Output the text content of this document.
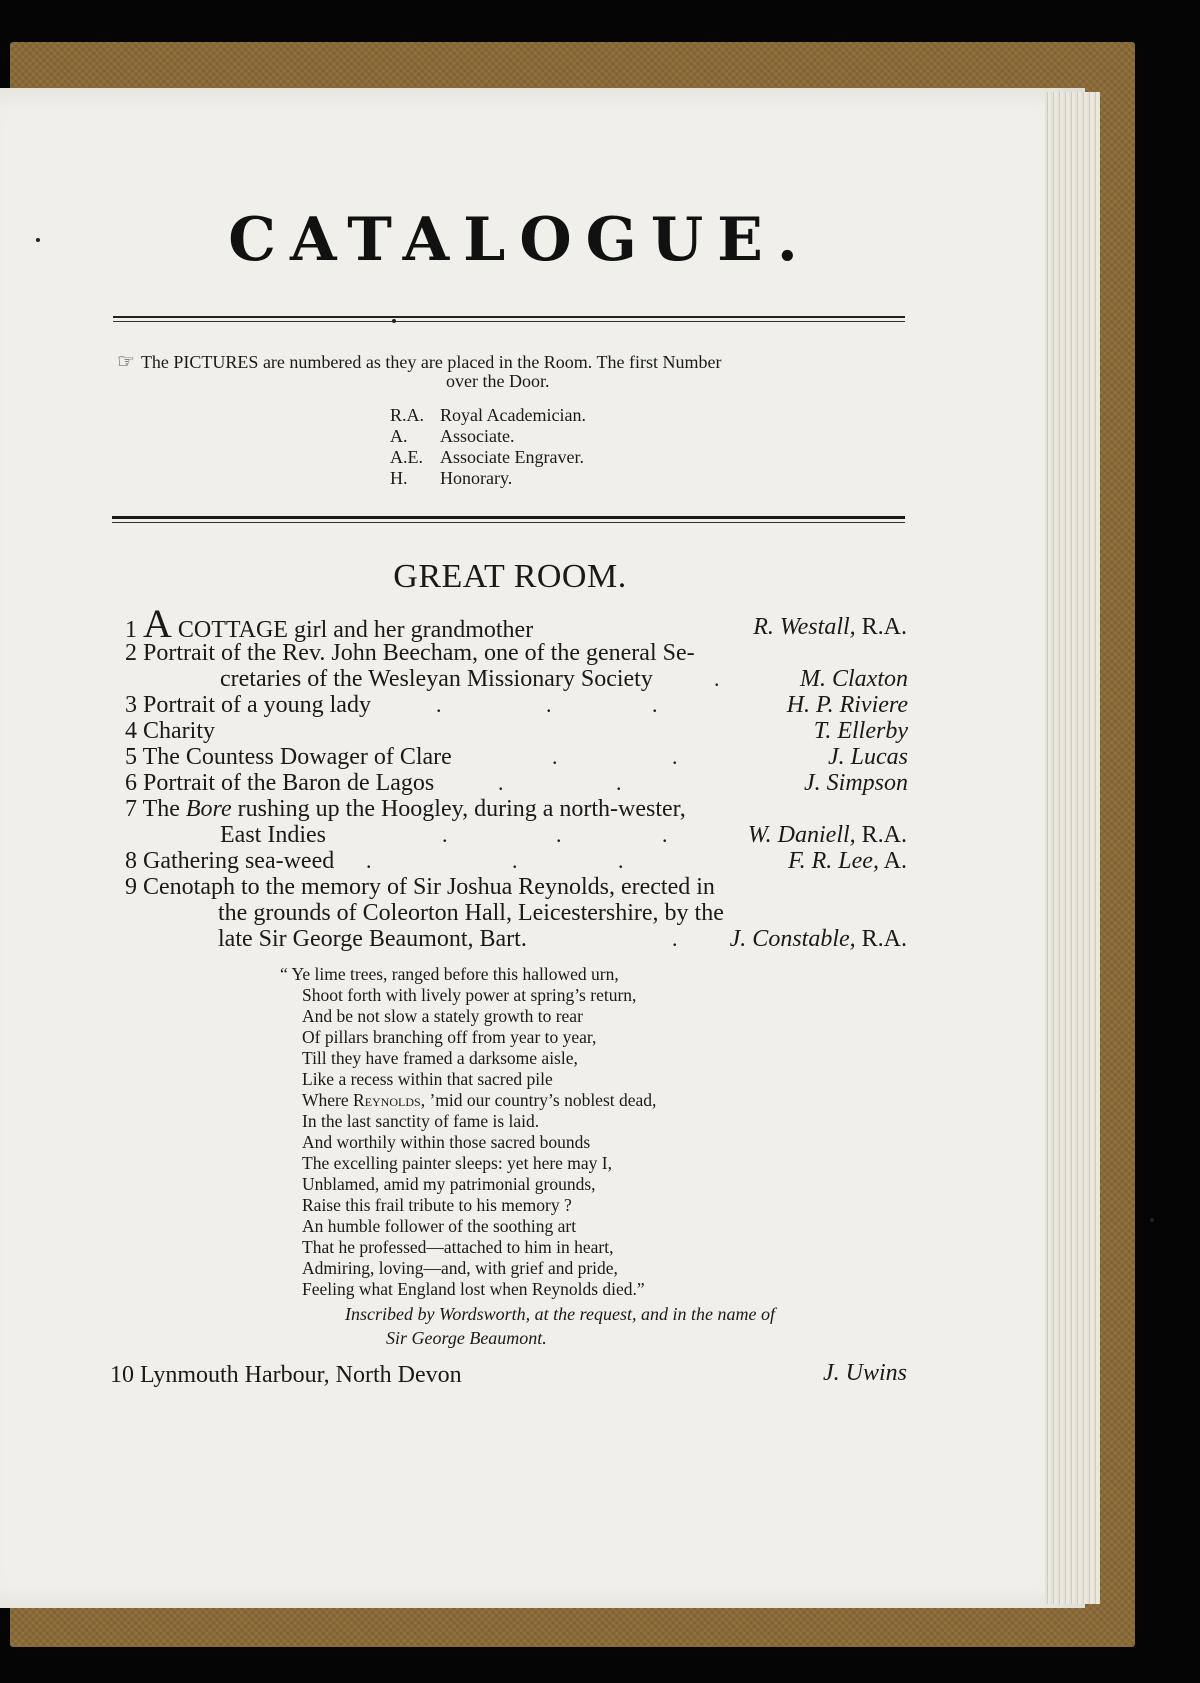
CATALOGUE.
☞ The PICTURES are numbered as they are placed in the Room. The first Number
over the Door.
R.A. Royal Academician.
A. Associate.
A.E. Associate Engraver.
H. Honorary.
GREAT ROOM.
1 A COTTAGE girl and her grandmother	R. Westall, R.A.
2 Portrait of the Rev. John Beecham, one of the general Se-
cretaries of the Wesleyan Missionary Society	.	M. Claxton
3 Portrait of a young lady	.	.	.	H. P. Riviere
4 Charity	T. Ellerby
5 The Countess Dowager of Clare	.	.	J. Lucas
6 Portrait of the Baron de Lagos	.	.	J. Simpson
7 The Bore rushing up the Hoogley, during a north-wester,
East Indies	.	.	.	W. Daniell, R.A.
8 Gathering sea-weed .	.	.	F. R. Lee, A.
9 Cenotaph to the memory of Sir Joshua Reynolds, erected in
the grounds of Coleorton Hall, Leicestershire, by the
late Sir George Beaumont, Bart.	. J. Constable, R.A.
“ Ye lime trees, ranged before this hallowed urn,
Shoot forth with lively power at spring’s return,
And be not slow a stately growth to rear
Of pillars branching off from year to year,
Till they have framed a darksome aisle,
Like a recess within that sacred pile
Where Reynolds, ’mid our country’s noblest dead,
In the last sanctity of fame is laid.
And worthily within those sacred bounds
The excelling painter sleeps: yet here may I,
Unblamed, amid my patrimonial grounds,
Raise this frail tribute to his memory ?
An humble follower of the soothing art
That he professed—attached to him in heart,
Admiring, loving—and, with grief and pride,
Feeling what England lost when Reynolds died.”
Inscribed by Wordsworth, at the request, and in the name of
Sir George Beaumont.
10 Lynmouth Harbour, North Devon	J. Uwins
